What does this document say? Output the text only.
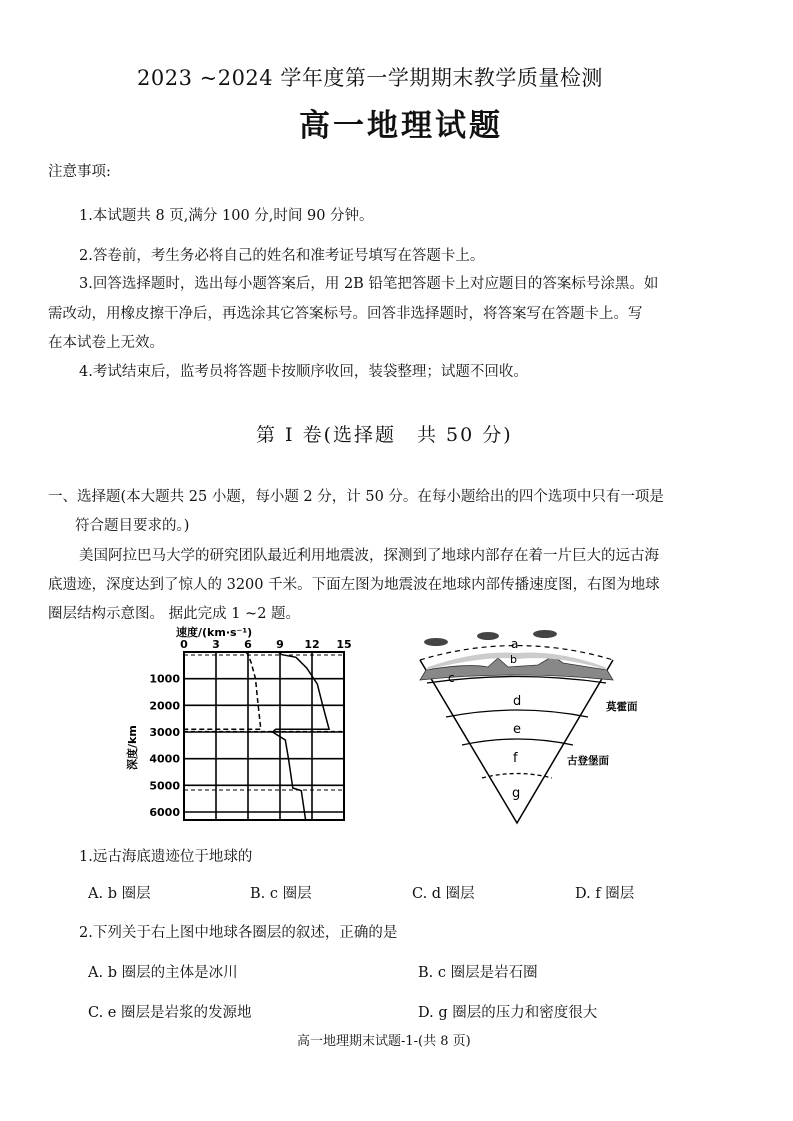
2023 ~2024 学年度第一学期期末教学质量检测
高一地理试题
注意事项:
1.本试题共 8 页,满分 100 分,时间 90 分钟。
2.答卷前，考生务必将自己的姓名和准考证号填写在答题卡上。
3.回答选择题时，选出每小题答案后，用 2B 铅笔把答题卡上对应题目的答案标号涂黑。如
需改动，用橡皮擦干净后，再选涂其它答案标号。回答非选择题时，将答案写在答题卡上。写
在本试卷上无效。
4.考试结束后，监考员将答题卡按顺序收回，装袋整理；试题不回收。
第 I 卷(选择题　共 50 分)
一、选择题(本大题共 25 小题，每小题 2 分，计 50 分。在每小题给出的四个选项中只有一项是
符合题目要求的。)
美国阿拉巴马大学的研究团队最近利用地震波，探测到了地球内部存在着一片巨大的远古海
底遗迹，深度达到了惊人的 3200 千米。下面左图为地震波在地球内部传播速度图，右图为地球
圈层结构示意图。 据此完成 1 ~2 题。
速度/(km·s⁻¹)
0 3 6 9 12 15
1000
2000
3000
4000
5000
6000
深度/km
a
b
c
d
e
f
g
莫霍面
古登堡面
1.远古海底遗迹位于地球的
A. b 圈层	B. c 圈层	C. d 圈层	D. f 圈层
2.下列关于右上图中地球各圈层的叙述，正确的是
A. b 圈层的主体是冰川	B. c 圈层是岩石圈
C. e 圈层是岩浆的发源地	D. g 圈层的压力和密度很大
高一地理期末试题-1-(共 8 页)
